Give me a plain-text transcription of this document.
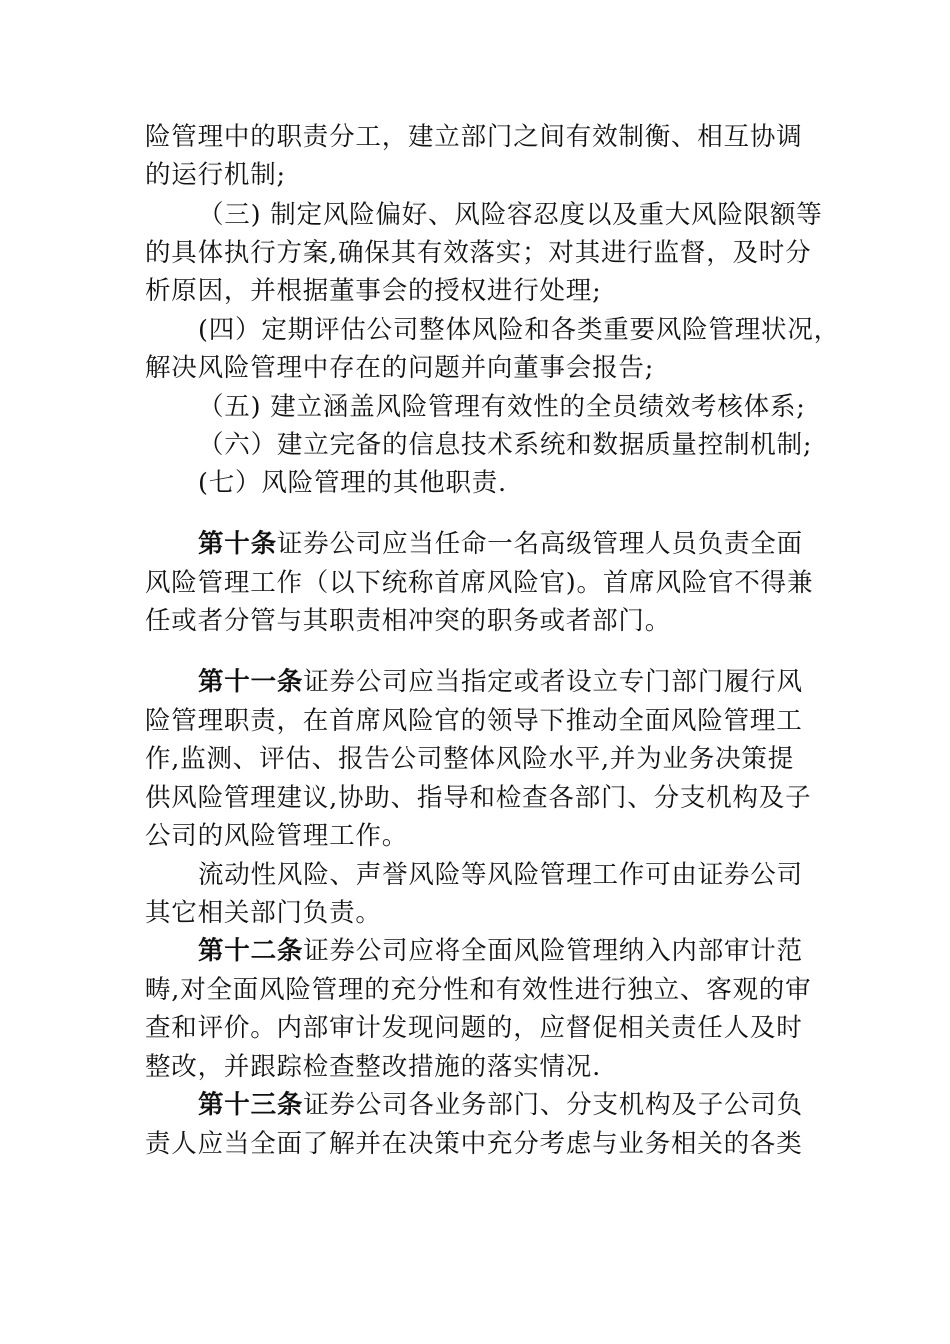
险管理中的职责分工，建立部门之间有效制衡、相互协调
的运行机制;
（三) 制定风险偏好、风险容忍度以及重大风险限额等
的具体执行方案,确保其有效落实；对其进行监督，及时分
析原因，并根据董事会的授权进行处理;
(四）定期评估公司整体风险和各类重要风险管理状况，
解决风险管理中存在的问题并向董事会报告;
（五) 建立涵盖风险管理有效性的全员绩效考核体系;
（六）建立完备的信息技术系统和数据质量控制机制;
(七）风险管理的其他职责.
第十条证券公司应当任命一名高级管理人员负责全面
风险管理工作（以下统称首席风险官)。首席风险官不得兼
任或者分管与其职责相冲突的职务或者部门。
第十一条证券公司应当指定或者设立专门部门履行风
险管理职责，在首席风险官的领导下推动全面风险管理工
作,监测、评估、报告公司整体风险水平,并为业务决策提
供风险管理建议,协助、指导和检查各部门、分支机构及子
公司的风险管理工作。
流动性风险、声誉风险等风险管理工作可由证券公司
其它相关部门负责。
第十二条证券公司应将全面风险管理纳入内部审计范
畴,对全面风险管理的充分性和有效性进行独立、客观的审
查和评价。内部审计发现问题的，应督促相关责任人及时
整改，并跟踪检查整改措施的落实情况.
第十三条证券公司各业务部门、分支机构及子公司负
责人应当全面了解并在决策中充分考虑与业务相关的各类
